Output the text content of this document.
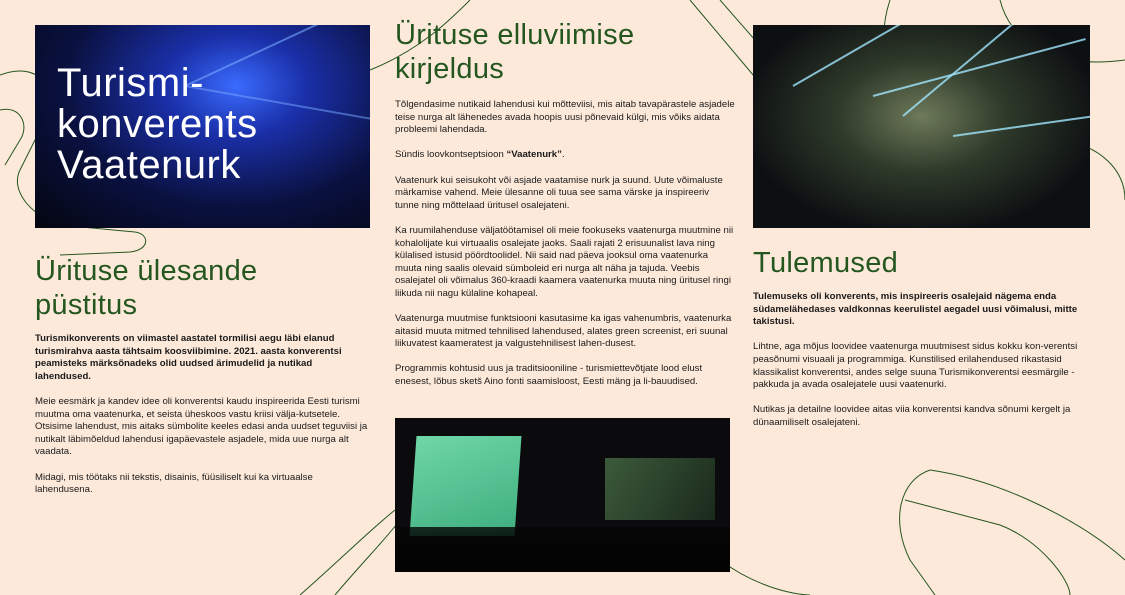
Turismi-
konverents
Vaatenurk
Ürituse ülesande
püstitus

Turismikonverents on viimastel aastatel tormilisi aegu läbi elanud turismirahva aasta tähtsaim koosviibimine. 2021. aasta konverentsi peamisteks märksõnadeks olid uudsed ärimudelid ja nutikad lahendused.

Meie eesmärk ja kandev idee oli konverentsi kaudu inspireerida Eesti turismi muutma oma vaatenurka, et seista üheskoos vastu kriisi välja-kutsetele. Otsisime lahendust, mis aitaks sümbolite keeles edasi anda uudset teguviisi ja nutikalt läbimõeldud lahendusi igapäevastele asjadele, mida uue nurga alt vaadata.

Midagi, mis töötaks nii tekstis, disainis, füüsiliselt kui ka virtuaalse lahendusena.

Ürituse elluviimise
kirjeldus

Tõlgendasime nutikaid lahendusi kui mõtteviisi, mis aitab tavapärastele asjadele teise nurga alt lähenedes avada hoopis uusi põnevaid külgi, mis võiks aidata probleemi lahendada.

Sündis loovkontseptsioon “Vaatenurk”.

Vaatenurk kui seisukoht või asjade vaatamise nurk ja suund. Uute võimaluste märkamise vahend. Meie ülesanne oli tuua see sama värske ja inspireeriv tunne ning mõttelaad üritusel osalejateni.

Ka ruumilahenduse väljatöötamisel oli meie fookuseks vaatenurga muutmine nii kohalolijate kui virtuaalis osalejate jaoks. Saali rajati 2 erisuunalist lava ning külalised istusid pöördtoolidel. Nii said nad päeva jooksul oma vaatenurka muuta ning saalis olevaid sümboleid eri nurga alt näha ja tajuda. Veebis osalejatel oli võimalus 360-kraadi kaamera vaatenurka muuta ning üritusel ringi liikuda nii nagu külaline kohapeal.

Vaatenurga muutmise funktsiooni kasutasime ka igas vahenumbris, vaatenurka aitasid muuta mitmed tehnilised lahendused, alates green screenist, eri suunal liikuvatest kaameratest ja valgustehnilisest lahen-dusest.

Programmis kohtusid uus ja traditsiooniline - turismiettevõtjate lood elust enesest, lõbus sketš Aino fonti saamisloost, Eesti mäng ja li-bauudised.

Tulemused

Tulemuseks oli konverents, mis inspireeris osalejaid nägema enda südamelähedases valdkonnas keerulistel aegadel uusi võimalusi, mitte takistusi.

Lihtne, aga mõjus loovidee vaatenurga muutmisest sidus kokku kon-verentsi peasõnumi visuaali ja programmiga. Kunstilised erilahendused rikastasid klassikalist konverentsi, andes selge suuna Turismikonverentsi eesmärgile - pakkuda ja avada osalejatele uusi vaatenurki.

Nutikas ja detailne loovidee aitas viia konverentsi kandva sõnumi kergelt ja dünaamiliselt osalejateni.
